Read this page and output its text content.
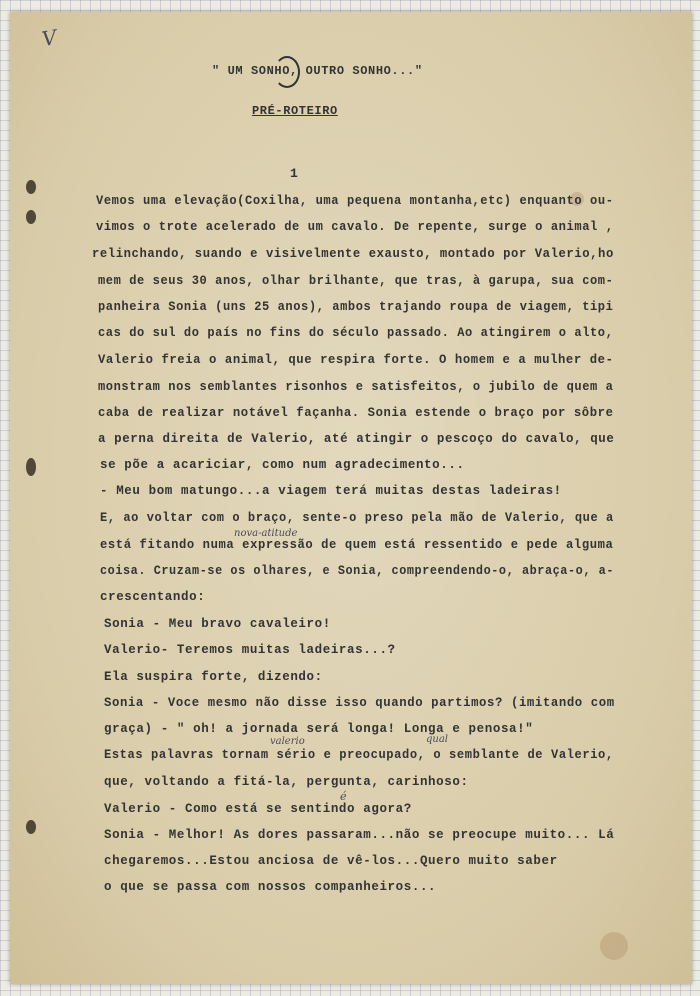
V
" UM SONHO, OUTRO SONHO..."
PRÉ-ROTEIRO
1
Vemos uma elevação(Coxilha, uma pequena montanha,etc) enquanto ou-
vimos o trote acelerado de um cavalo. De repente, surge o animal ,
relinchando, suando e visivelmente exausto, montado por Valerio,ho
mem de seus 30 anos, olhar brilhante, que tras, à garupa, sua com-
panheira Sonia (uns 25 anos), ambos trajando roupa de viagem, tipi
cas do sul do país no fins do século passado. Ao atingirem o alto,
Valerio freia o animal, que respira forte. O homem e a mulher de-
monstram nos semblantes risonhos e satisfeitos, o jubilo de quem a
caba de realizar notável façanha. Sonia estende o braço por sôbre
a perna direita de Valerio, até atingir o pescoço do cavalo, que
se põe a acariciar, como num agradecimento...
- Meu bom matungo...a viagem terá muitas destas ladeiras!
E, ao voltar com o braço, sente-o preso pela mão de Valerio, que a
está fitando numa expressão de quem está ressentido e pede alguma
coisa. Cruzam-se os olhares, e Sonia, compreendendo-o, abraça-o, a-
crescentando:
Sonia - Meu bravo cavaleiro!
Valerio- Teremos muitas ladeiras...?
Ela suspira forte, dizendo:
Sonia - Voce mesmo não disse isso quando partimos? (imitando com
graça) - " oh! a jornada será longa! Longa e penosa!"
Estas palavras tornam sério e preocupado, o semblante de Valerio,
que, voltando a fitá-la, pergunta, carinhoso:
Valerio - Como está se sentindo agora?
Sonia - Melhor! As dores passaram...não se preocupe muito... Lá
chegaremos...Estou anciosa de vê-los...Quero muito saber
o que se passa com nossos companheiros...
nova-atitude
valerio	qual
é
